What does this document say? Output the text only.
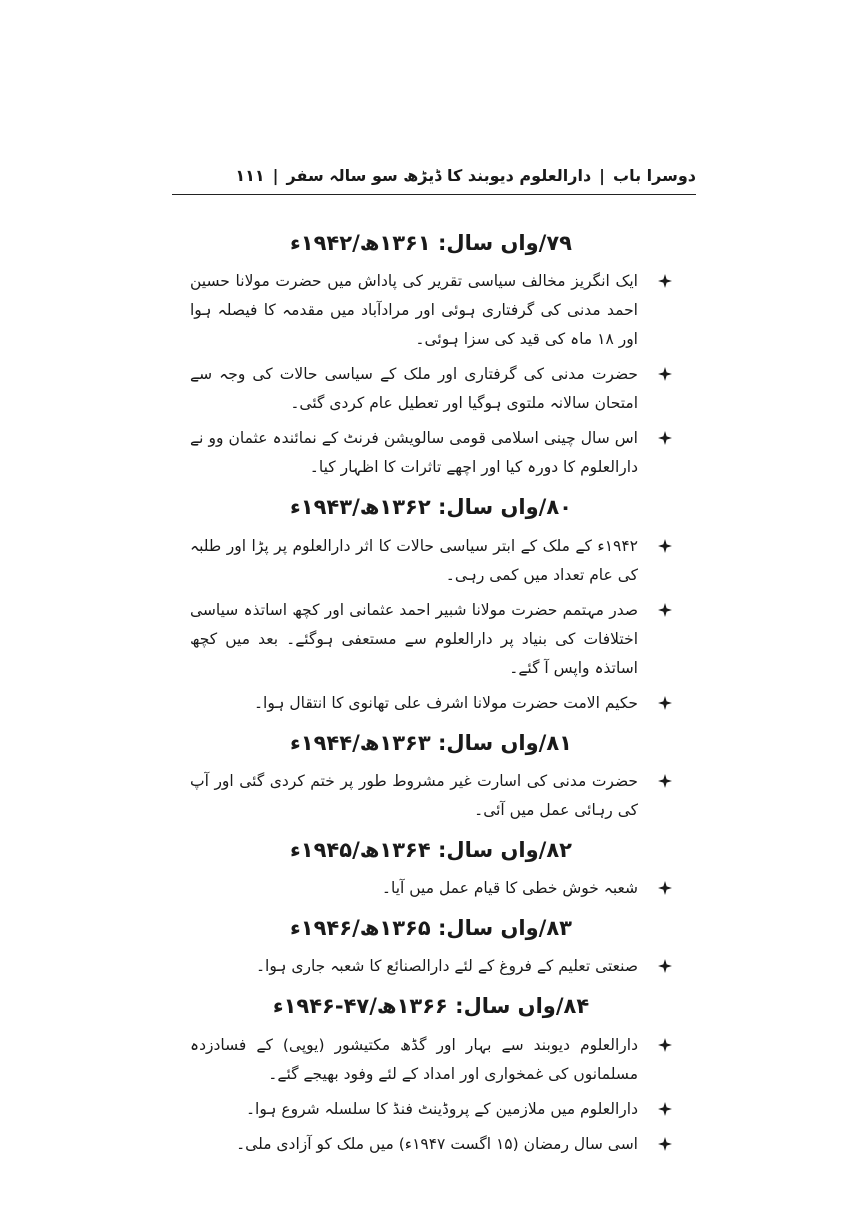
دوسرا باب
|
دارالعلوم دیوبند کا ڈیڑھ سو سالہ سفر
|
۱۱۱
۷۹/واں سال: ۱۳۶۱ھ/۱۹۴۲ء
ایک انگریز مخالف سیاسی تقریر کی پاداش میں حضرت مولانا حسین احمد مدنی کی گرفتاری ہوئی اور مرادآباد میں مقدمہ کا فیصلہ ہوا اور ۱۸ ماہ کی قید کی سزا ہوئی۔
حضرت مدنی کی گرفتاری اور ملک کے سیاسی حالات کی وجہ سے امتحان سالانہ ملتوی ہوگیا اور تعطیل عام کردی گئی۔
اس سال چینی اسلامی قومی سالویشن فرنٹ کے نمائندہ عثمان وو نے دارالعلوم کا دورہ کیا اور اچھے تاثرات کا اظہار کیا۔
۸۰/واں سال: ۱۳۶۲ھ/۱۹۴۳ء
۱۹۴۲ء کے ملک کے ابتر سیاسی حالات کا اثر دارالعلوم پر پڑا اور طلبہ کی عام تعداد میں کمی رہی۔
صدر مہتمم حضرت مولانا شبیر احمد عثمانی اور کچھ اساتذہ سیاسی اختلافات کی بنیاد پر دارالعلوم سے مستعفی ہوگئے۔ بعد میں کچھ اساتذہ واپس آ گئے۔
حکیم الامت حضرت مولانا اشرف علی تھانوی کا انتقال ہوا۔
۸۱/واں سال: ۱۳۶۳ھ/۱۹۴۴ء
حضرت مدنی کی اسارت غیر مشروط طور پر ختم کردی گئی اور آپ کی رہائی عمل میں آئی۔
۸۲/واں سال: ۱۳۶۴ھ/۱۹۴۵ء
شعبہ خوش خطی کا قیام عمل میں آیا۔
۸۳/واں سال: ۱۳۶۵ھ/۱۹۴۶ء
صنعتی تعلیم کے فروغ کے لئے دارالصنائع کا شعبہ جاری ہوا۔
۸۴/واں سال: ۱۳۶۶ھ/۴۷-۱۹۴۶ء
دارالعلوم دیوبند سے بہار اور گڈھ مکتیشور (یوپی) کے فسادزدہ مسلمانوں کی غمخواری اور امداد کے لئے وفود بھیجے گئے۔
دارالعلوم میں ملازمین کے پروڈینٹ فنڈ کا سلسلہ شروع ہوا۔
اسی سال رمضان (۱۵ اگست ۱۹۴۷ء) میں ملک کو آزادی ملی۔
